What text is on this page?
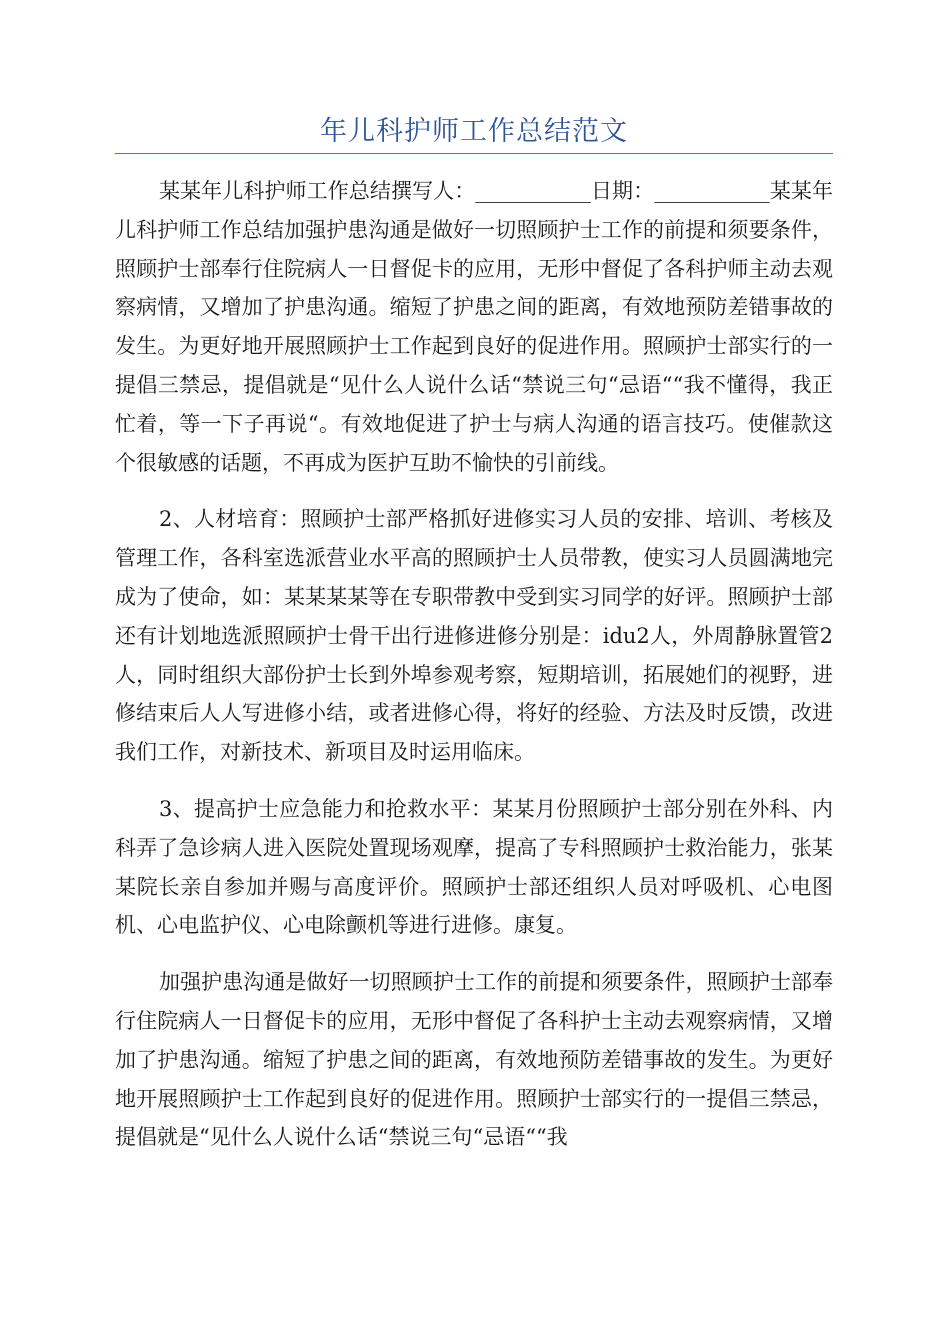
年儿科护师工作总结范文

某某年儿科护师工作总结撰写人：___________日期：___________某某年儿科护师工作总结加强护患沟通是做好一切照顾护士工作的前提和须要条件，照顾护士部奉行住院病人一日督促卡的应用，无形中督促了各科护师主动去观察病情，又增加了护患沟通。缩短了护患之间的距离，有效地预防差错事故的发生。为更好地开展照顾护士工作起到良好的促进作用。照顾护士部实行的一提倡三禁忌，提倡就是“见什么人说什么话“禁说三句“忌语““我不懂得，我正忙着，等一下子再说“。有效地促进了护士与病人沟通的语言技巧。使催款这个很敏感的话题，不再成为医护互助不愉快的引前线。

2、人材培育：照顾护士部严格抓好进修实习人员的安排、培训、考核及管理工作，各科室选派营业水平高的照顾护士人员带教，使实习人员圆满地完成为了使命，如：某某某某等在专职带教中受到实习同学的好评。照顾护士部还有计划地选派照顾护士骨干出行进修进修分别是：idu2人，外周静脉置管2人，同时组织大部份护士长到外埠参观考察，短期培训，拓展她们的视野，进修结束后人人写进修小结，或者进修心得，将好的经验、方法及时反馈，改进我们工作，对新技术、新项目及时运用临床。

3、提高护士应急能力和抢救水平：某某月份照顾护士部分别在外科、内科弄了急诊病人进入医院处置现场观摩，提高了专科照顾护士救治能力，张某某院长亲自参加并赐与高度评价。照顾护士部还组织人员对呼吸机、心电图机、心电监护仪、心电除颤机等进行进修。康复。

加强护患沟通是做好一切照顾护士工作的前提和须要条件，照顾护士部奉行住院病人一日督促卡的应用，无形中督促了各科护士主动去观察病情，又增加了护患沟通。缩短了护患之间的距离，有效地预防差错事故的发生。为更好地开展照顾护士工作起到良好的促进作用。照顾护士部实行的一提倡三禁忌，提倡就是“见什么人说什么话“禁说三句“忌语““我
